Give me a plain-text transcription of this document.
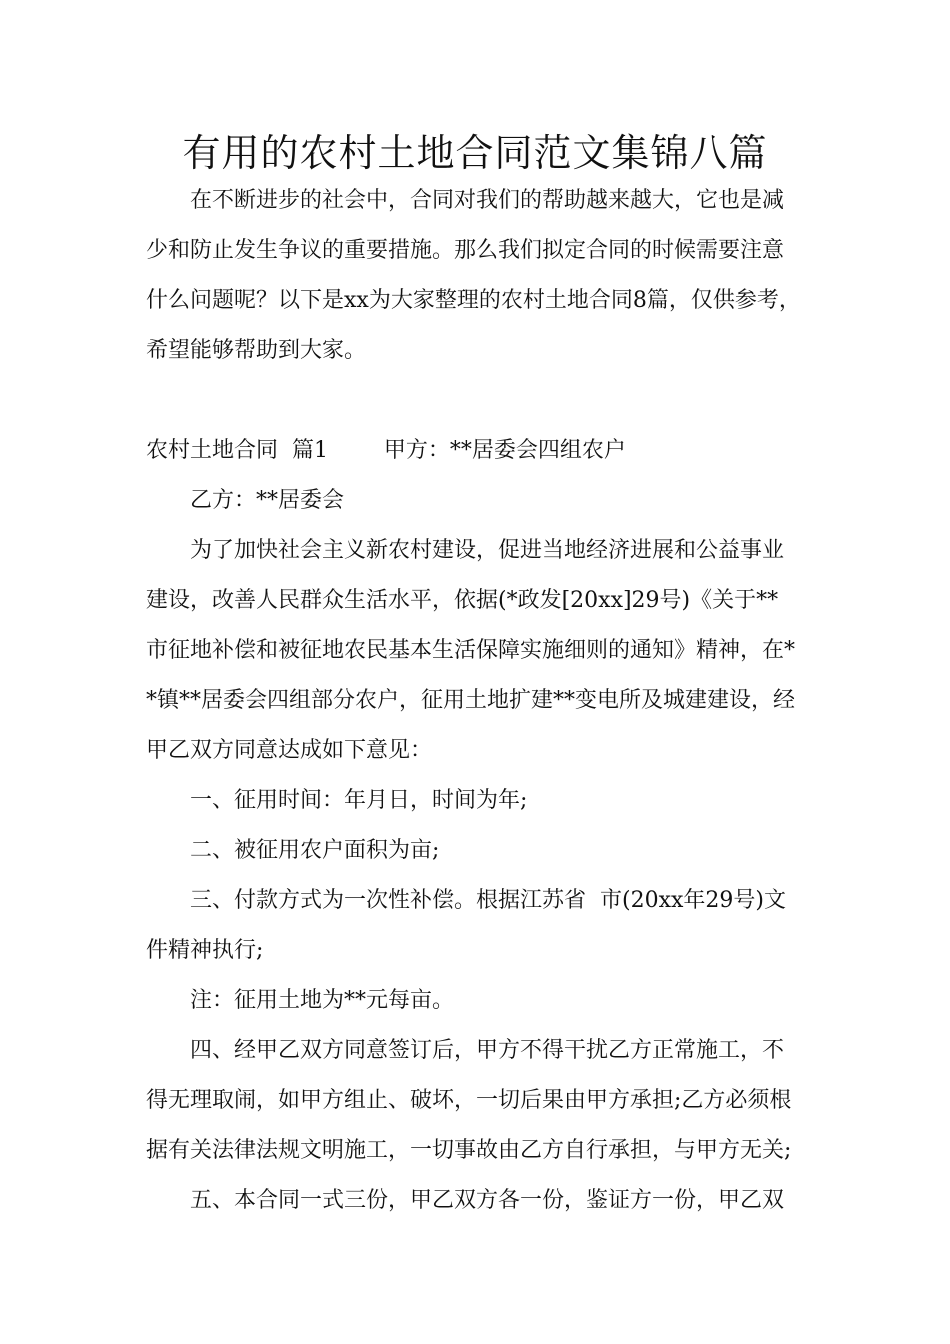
有用的农村土地合同范文集锦八篇

在不断进步的社会中，合同对我们的帮助越来越大，它也是减

少和防止发生争议的重要措施。那么我们拟定合同的时候需要注意

什么问题呢？以下是xx为大家整理的农村土地合同8篇，仅供参考，

希望能够帮助到大家。

农村土地合同  篇1        甲方：**居委会四组农户

乙方：**居委会

为了加快社会主义新农村建设，促进当地经济进展和公益事业

建设，改善人民群众生活水平，依据(*政发[20xx]29号)《关于**

市征地补偿和被征地农民基本生活保障实施细则的通知》精神，在*

*镇**居委会四组部分农户，征用土地扩建**变电所及城建建设，经

甲乙双方同意达成如下意见：

一、征用时间：年月日，时间为年;

二、被征用农户面积为亩;

三、付款方式为一次性补偿。根据江苏省  市(20xx年29号)文

件精神执行;

注：征用土地为**元每亩。

四、经甲乙双方同意签订后，甲方不得干扰乙方正常施工，不

得无理取闹，如甲方组止、破坏，一切后果由甲方承担;乙方必须根

据有关法律法规文明施工，一切事故由乙方自行承担，与甲方无关;

五、本合同一式三份，甲乙双方各一份，鉴证方一份，甲乙双
